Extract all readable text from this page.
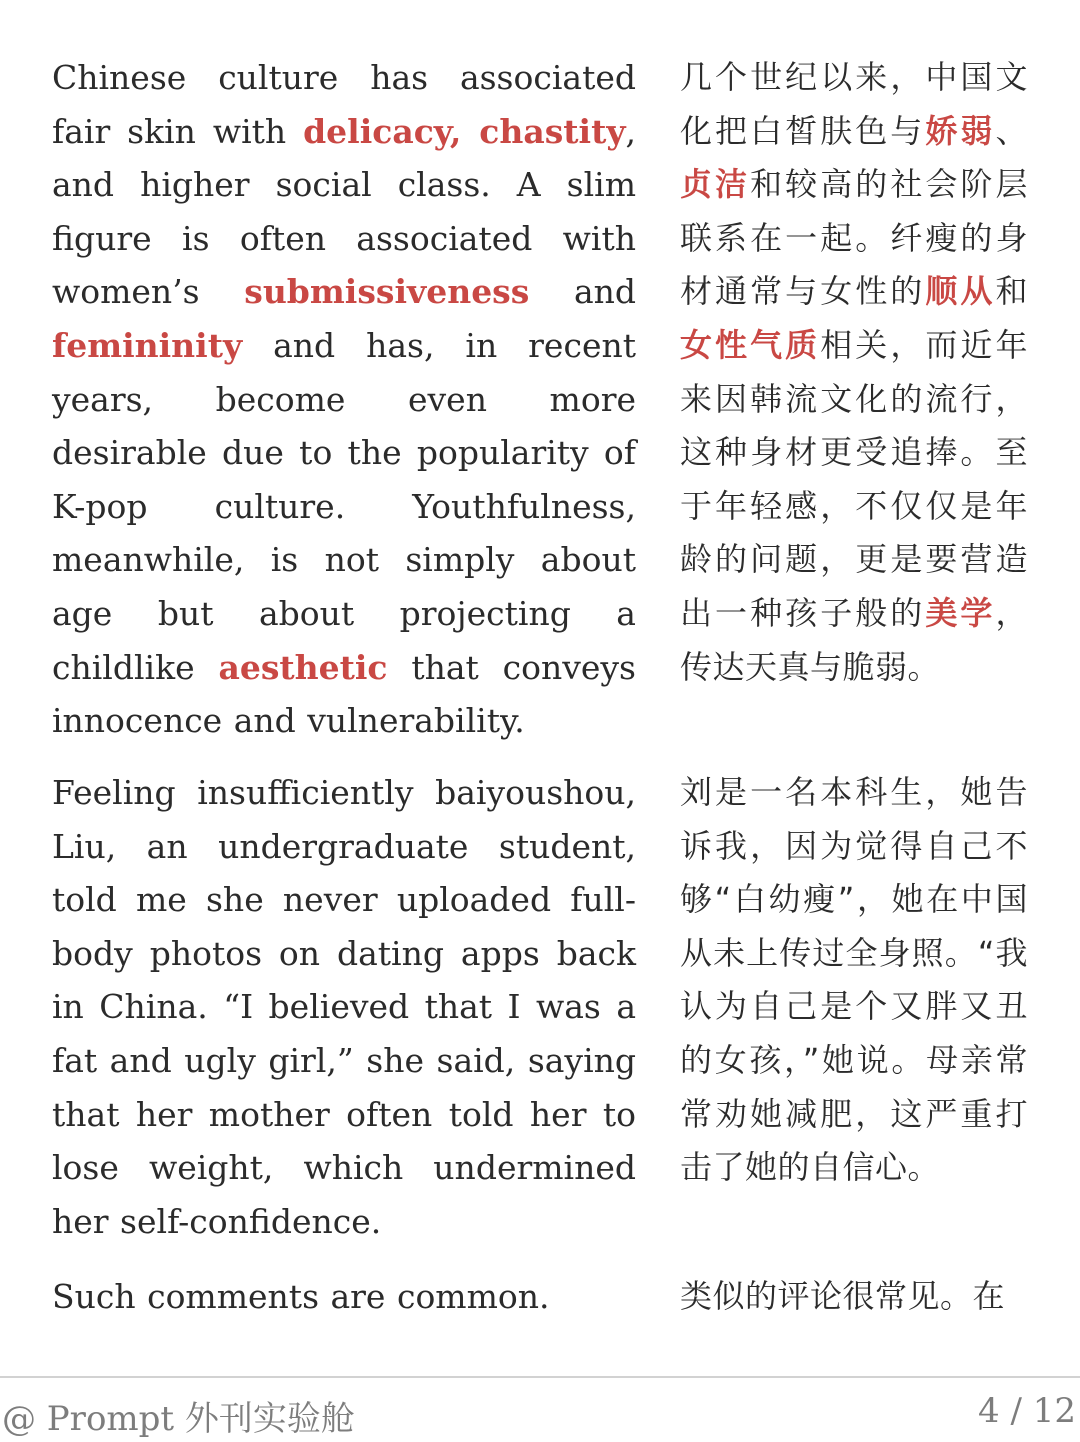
Chinese culture has associated fair skin with delicacy, chastity, and higher social class. A slim figure is often associated with women’s submissiveness and femininity and has, in recent years, become even more desirable due to the popularity of K-pop culture. Youthfulness, meanwhile, is not simply about age but about projecting a childlike aesthetic that conveys innocence and vulnerability.
几个世纪以来，中国文化把白皙肤色与娇弱、贞洁和较高的社会阶层联系在一起。纤瘦的身材通常与女性的顺从和女性气质相关，而近年来因韩流文化的流行，这种身材更受追捧。至于年轻感，不仅仅是年龄的问题，更是要营造出一种孩子般的美学，传达天真与脆弱。
Feeling insufficiently baiyoushou, Liu, an undergraduate student, told me she never uploaded full-body photos on dating apps back in China. “I believed that I was a fat and ugly girl,” she said, saying that her mother often told her to lose weight, which undermined her self-confidence.
刘是一名本科生，她告诉我，因为觉得自己不够“白幼瘦”，她在中国从未上传过全身照。“我认为自己是个又胖又丑的女孩，”她说。母亲常常劝她减肥，这严重打击了她的自信心。
Such comments are common.	类似的评论很常见。在
@ Prompt 外刊实验舱	4 / 12
